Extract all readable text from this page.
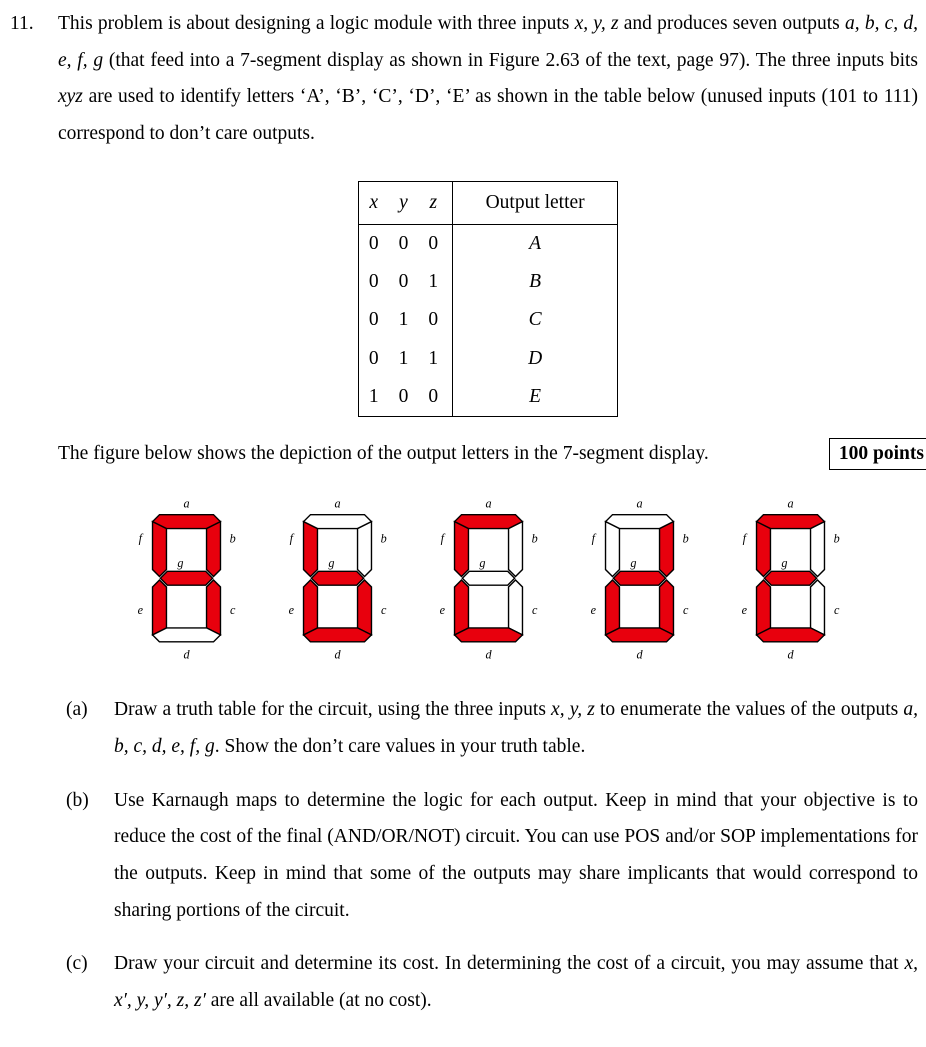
11.	This problem is about designing a logic module with three inputs x, y, z and produces seven outputs a, b, c, d, e, f, g (that feed into a 7-segment display as shown in Figure 2.63 of the text, page 97). The three inputs bits xyz are used to identify letters ‘A’, ‘B’, ‘C’, ‘D’, ‘E’ as shown in the table below (unused inputs (101 to 111) correspond to don’t care outputs.

x	y	z	Output letter
0	0	0	A
0	0	1	B
0	1	0	C
0	1	1	D
1	0	0	E
The figure below shows the depiction of the output letters in the 7-segment display.	100 points
a
b
c
d
e
f
g
a
b
c
d
e
f
g
a
b
c
d
e
f
g
a
b
c
d
e
f
g
a
b
c
d
e
f
g
(a)	Draw a truth table for the circuit, using the three inputs x, y, z to enumerate the values of the outputs a, b, c, d, e, f, g. Show the don’t care values in your truth table.
(b)	Use Karnaugh maps to determine the logic for each output. Keep in mind that your objective is to reduce the cost of the final (AND/OR/NOT) circuit. You can use POS and/or SOP implementations for the outputs. Keep in mind that some of the outputs may share implicants that would correspond to sharing portions of the circuit.
(c)	Draw your circuit and determine its cost. In determining the cost of a circuit, you may assume that x, x′, y, y′, z, z′ are all available (at no cost).
